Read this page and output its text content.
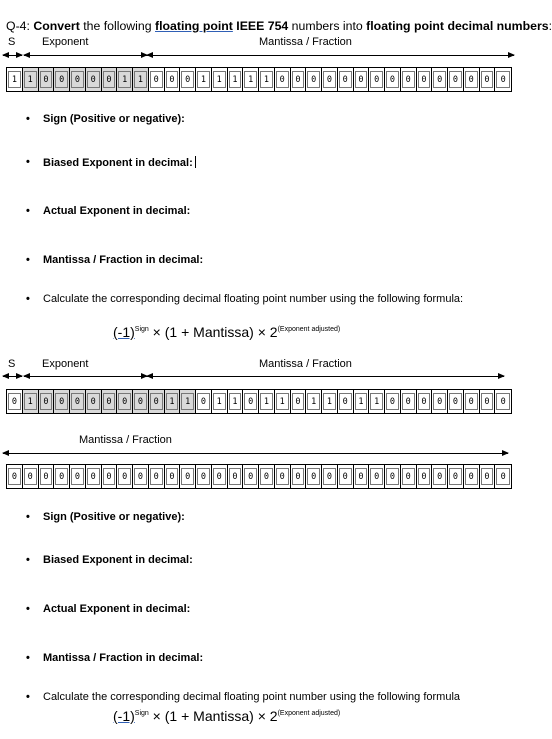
Q-4: Convert the following floating point IEEE 754 numbers into floating point decimal numbers:
S Exponent	Mantissa / Fraction
1	1	0	0	0	0	0	1	1	0	0	0	1	1	1	1	1	0	0	0	0	0	0	0	0	0	0	0	0	0	0	0
• Sign (Positive or negative):
• Biased Exponent in decimal:
• Actual Exponent in decimal:
• Mantissa / Fraction in decimal:
• Calculate the corresponding decimal floating point number using the following formula:
$(-1)^{Sign} \times (1$ + Mantissa) × $2^{(Exponent adjusted)}$
S Exponent	Mantissa / Fraction
0	1	0	0	0	0	0	0	0	0	1	1	0	1	1	0	1	1	0	1	1	0	1	1	0	0	0	0	0	0	0	0
Mantissa / Fraction
0	0	0	0	0	0	0	0	0	0	0	0	0	0	0	0	0	0	0	0	0	0	0	0	0	0	0	0	0	0	0	0
• Sign (Positive or negative):
• Biased Exponent in decimal:
• Actual Exponent in decimal:
• Mantissa / Fraction in decimal:
• Calculate the corresponding decimal floating point number using the following formula
$(-1)^{Sign} \times (1$ + Mantissa) × $2^{(Exponent adjusted)}$
